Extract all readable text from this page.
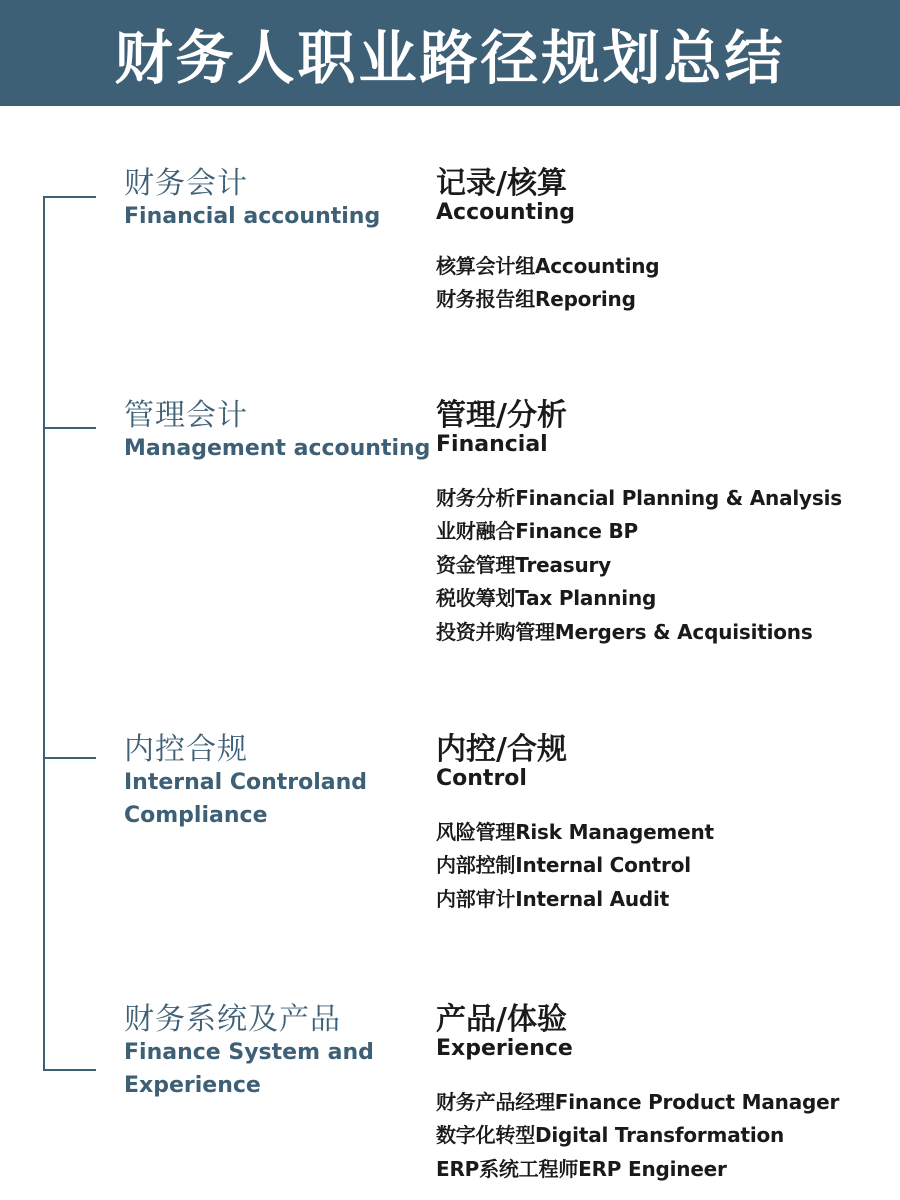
财务人职业路径规划总结
财务会计
Financial accounting
记录/核算
Accounting
核算会计组Accounting
财务报告组Reporing
管理会计
Management accounting
管理/分析
Financial
财务分析Financial Planning & Analysis
业财融合Finance BP
资金管理Treasury
税收筹划Tax Planning
投资并购管理Mergers & Acquisitions
内控合规
Internal Controland
Compliance
内控/合规
Control
风险管理Risk Management
内部控制Internal Control
内部审计Internal Audit
财务系统及产品
Finance System and
Experience
产品/体验
Experience
财务产品经理Finance Product Manager
数字化转型Digital Transformation
ERP系统工程师ERP Engineer
